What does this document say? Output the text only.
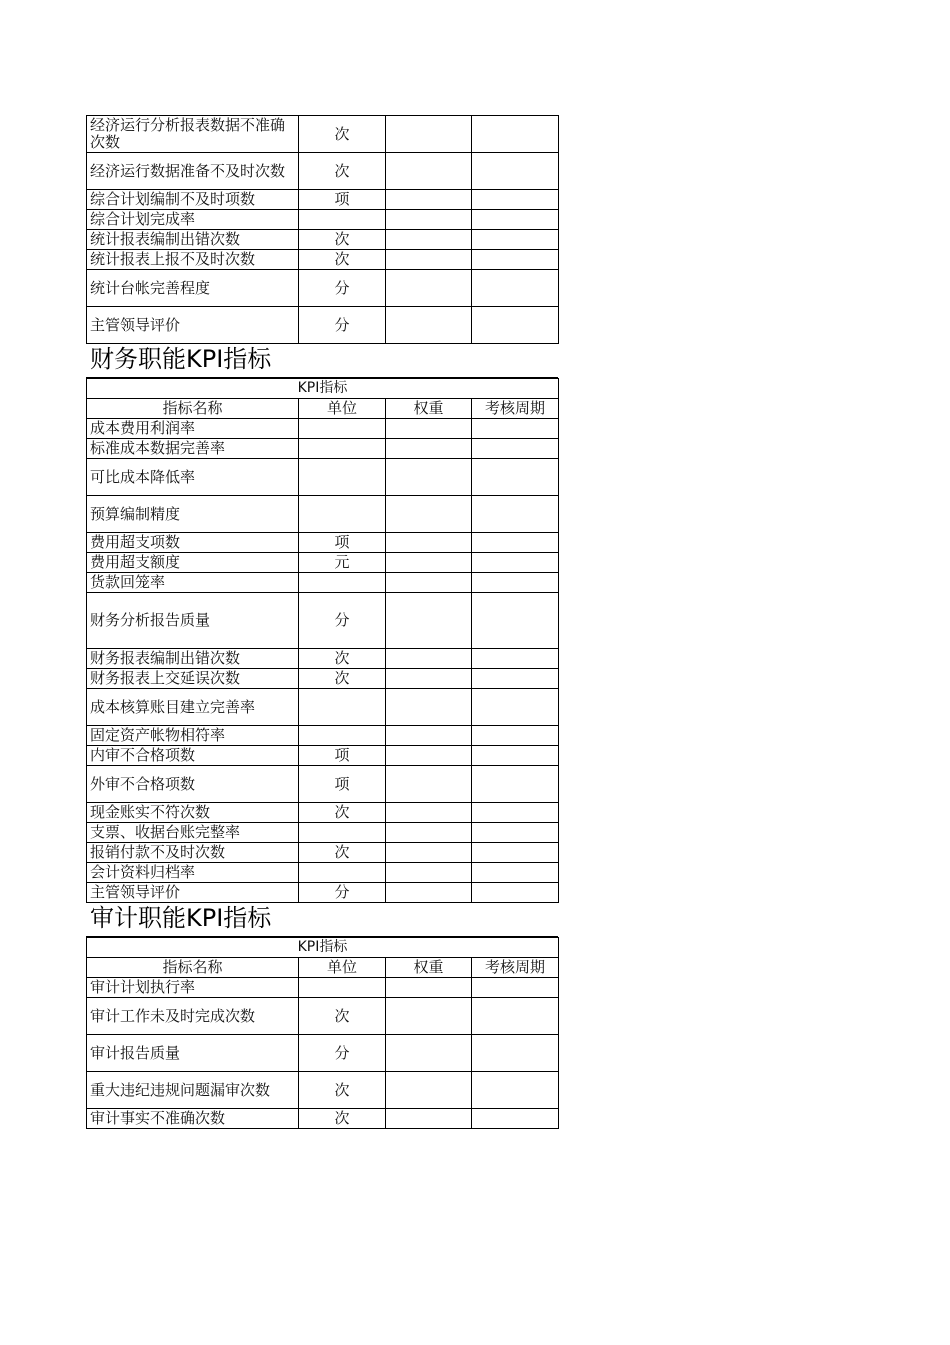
经济运行分析报表数据不准确次数	次		
经济运行数据准备不及时次数	次		
综合计划编制不及时项数	项		
综合计划完成率			
统计报表编制出错次数	次		
统计报表上报不及时次数	次		
统计台帐完善程度	分		
主管领导评价	分		
财务职能KPI指标
KPI指标			
指标名称	单位	权重	考核周期
成本费用利润率			
标准成本数据完善率			
可比成本降低率			
预算编制精度			
费用超支项数	项		
费用超支额度	元		
货款回笼率			
财务分析报告质量	分		
财务报表编制出错次数	次		
财务报表上交延误次数	次		
成本核算账目建立完善率			
固定资产帐物相符率			
内审不合格项数	项		
外审不合格项数	项		
现金账实不符次数	次		
支票、收据台账完整率			
报销付款不及时次数	次		
会计资料归档率			
主管领导评价	分		
审计职能KPI指标
KPI指标			
指标名称	单位	权重	考核周期
审计计划执行率			
审计工作未及时完成次数	次		
审计报告质量	分		
重大违纪违规问题漏审次数	次		
审计事实不准确次数	次		
